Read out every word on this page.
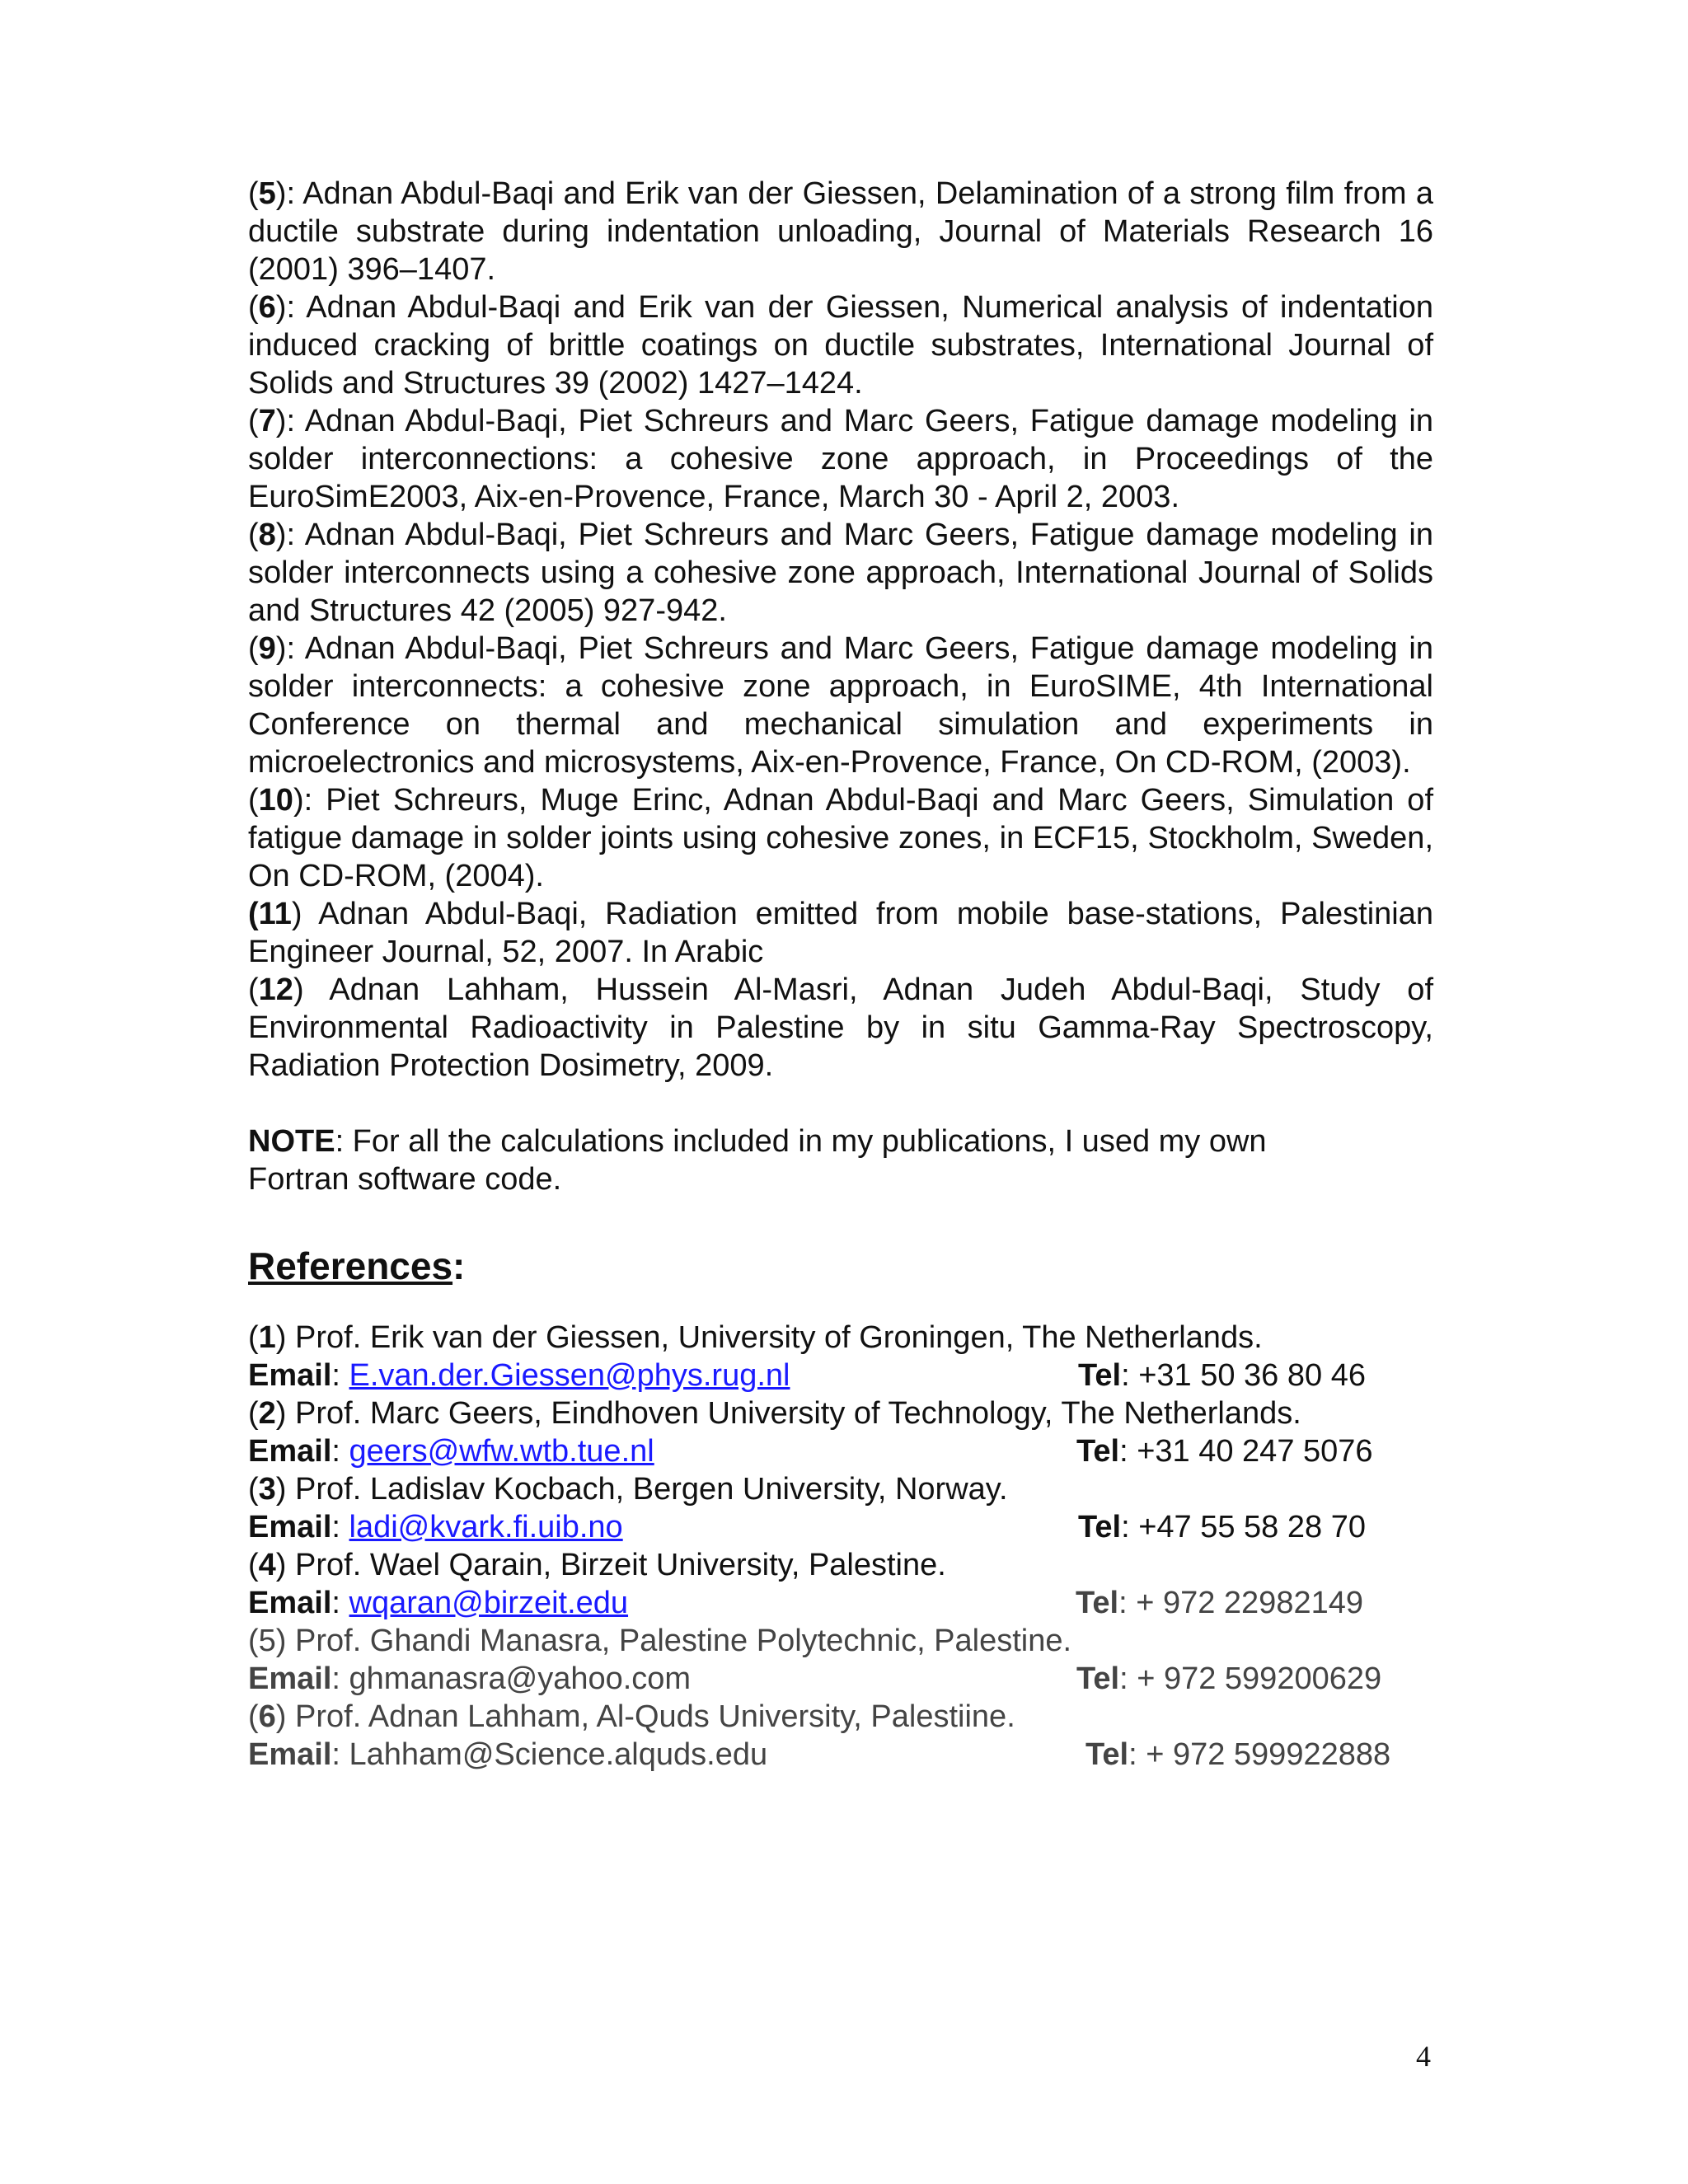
(5): Adnan Abdul-Baqi and Erik van der Giessen, Delamination of a strong film from a ductile substrate during indentation unloading, Journal of Materials Research 16 (2001) 396–1407.

(6): Adnan Abdul-Baqi and Erik van der Giessen, Numerical analysis of indentation induced cracking of brittle coatings on ductile substrates, International Journal of Solids and Structures 39 (2002) 1427–1424.

(7): Adnan Abdul-Baqi, Piet Schreurs and Marc Geers, Fatigue damage modeling in solder interconnections: a cohesive zone approach, in Proceedings of the EuroSimE2003, Aix-en-Provence, France, March 30 - April 2, 2003.

(8): Adnan Abdul-Baqi, Piet Schreurs and Marc Geers, Fatigue damage modeling in solder interconnects using a cohesive zone approach, International Journal of Solids and Structures 42 (2005) 927-942.

(9): Adnan Abdul-Baqi, Piet Schreurs and Marc Geers, Fatigue damage modeling in solder interconnects: a cohesive zone approach, in EuroSIME, 4th International Conference on thermal and mechanical simulation and experiments in microelectronics and microsystems, Aix-en-Provence, France, On CD-ROM, (2003).

(10): Piet Schreurs, Muge Erinc, Adnan Abdul-Baqi and Marc Geers, Simulation of fatigue damage in solder joints using cohesive zones, in ECF15, Stockholm, Sweden, On CD-ROM, (2004).

(11) Adnan Abdul-Baqi, Radiation emitted from mobile base-stations, Palestinian Engineer Journal, 52, 2007. In Arabic

(12) Adnan Lahham, Hussein Al-Masri, Adnan Judeh Abdul-Baqi, Study of Environmental Radioactivity in Palestine by in situ Gamma-Ray Spectroscopy, Radiation Protection Dosimetry, 2009.

NOTE: For all the calculations included in my publications, I used my own
Fortran software code.
References:

(1) Prof. Erik van der Giessen, University of Groningen, The Netherlands.

Email: E.van.der.Giessen@phys.rug.nl	Tel: +31 50 36 80 46

(2) Prof. Marc Geers, Eindhoven University of Technology, The Netherlands.

Email: geers@wfw.wtb.tue.nl	Tel: +31 40 247 5076

(3) Prof. Ladislav Kocbach, Bergen University, Norway.

Email: ladi@kvark.fi.uib.no	Tel: +47 55 58 28 70

(4) Prof. Wael Qarain, Birzeit University, Palestine.

Email: wqaran@birzeit.edu	Tel: + 972 22982149

(5) Prof. Ghandi Manasra, Palestine Polytechnic, Palestine.

Email: ghmanasra@yahoo.com	Tel: + 972 599200629

(6) Prof. Adnan Lahham, Al-Quds University, Palestiine.

Email: Lahham@Science.alquds.edu	Tel: + 972 599922888
4
